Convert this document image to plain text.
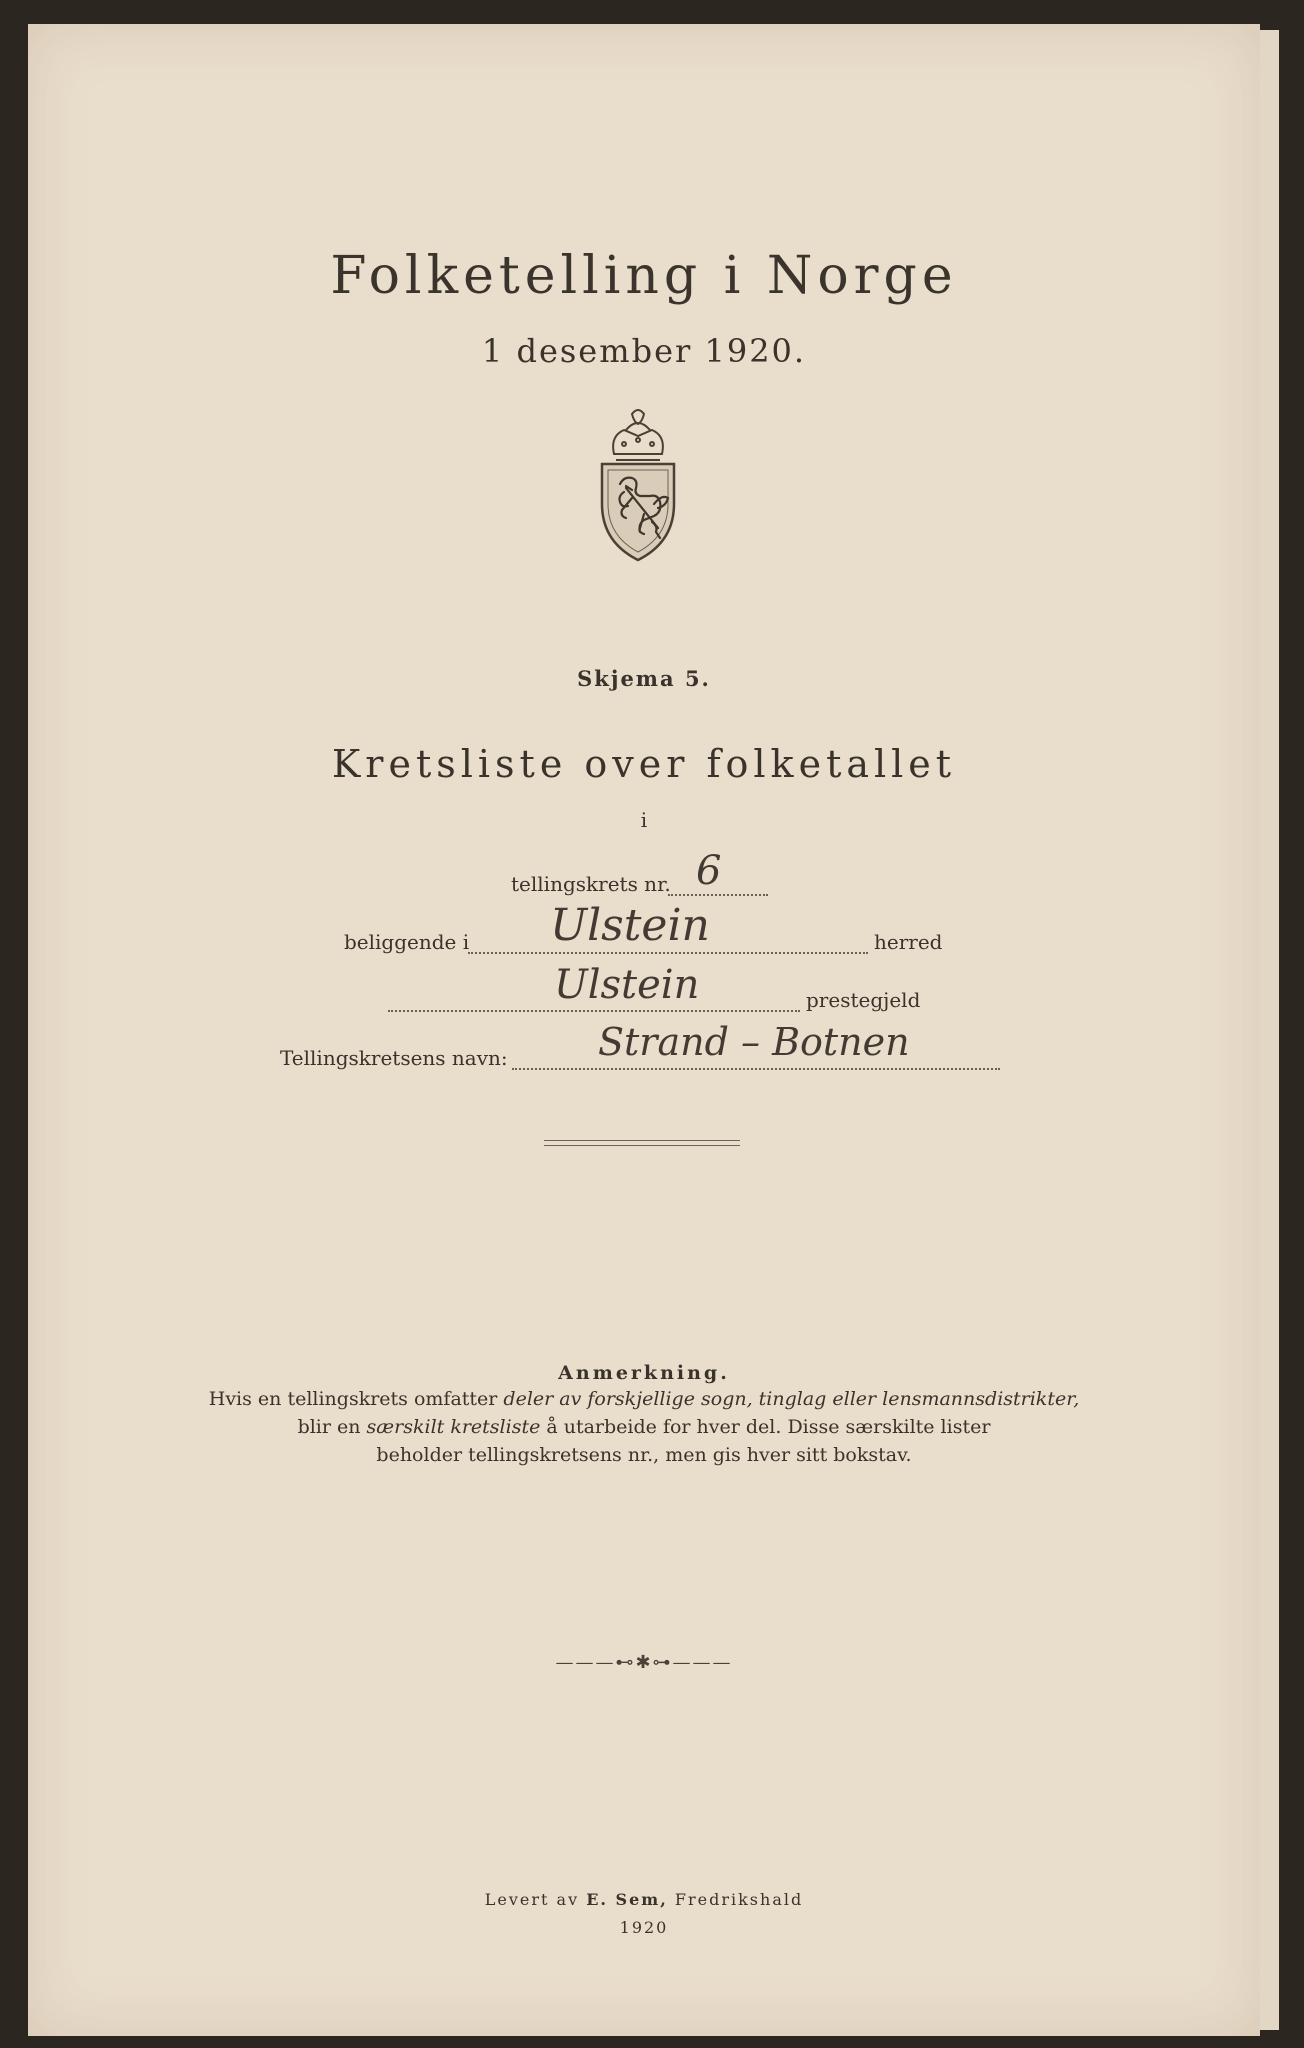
Folketelling i Norge
1 desember 1920.
Skjema 5.
Kretsliste over folketallet
i
tellingskrets nr. 6
beliggende i Ulstein	herred
Ulstein	prestegjeld
Tellingskretsens navn: Strand – Botnen
Anmerkning.
Hvis en tellingskrets omfatter deler av forskjellige sogn, tinglag eller lensmannsdistrikter,
blir en særskilt kretsliste å utarbeide for hver del. Disse særskilte lister
beholder tellingskretsens nr., men gis hver sitt bokstav.
———⊷✱⊶———
Levert av E. Sem, Fredrikshald
1920
